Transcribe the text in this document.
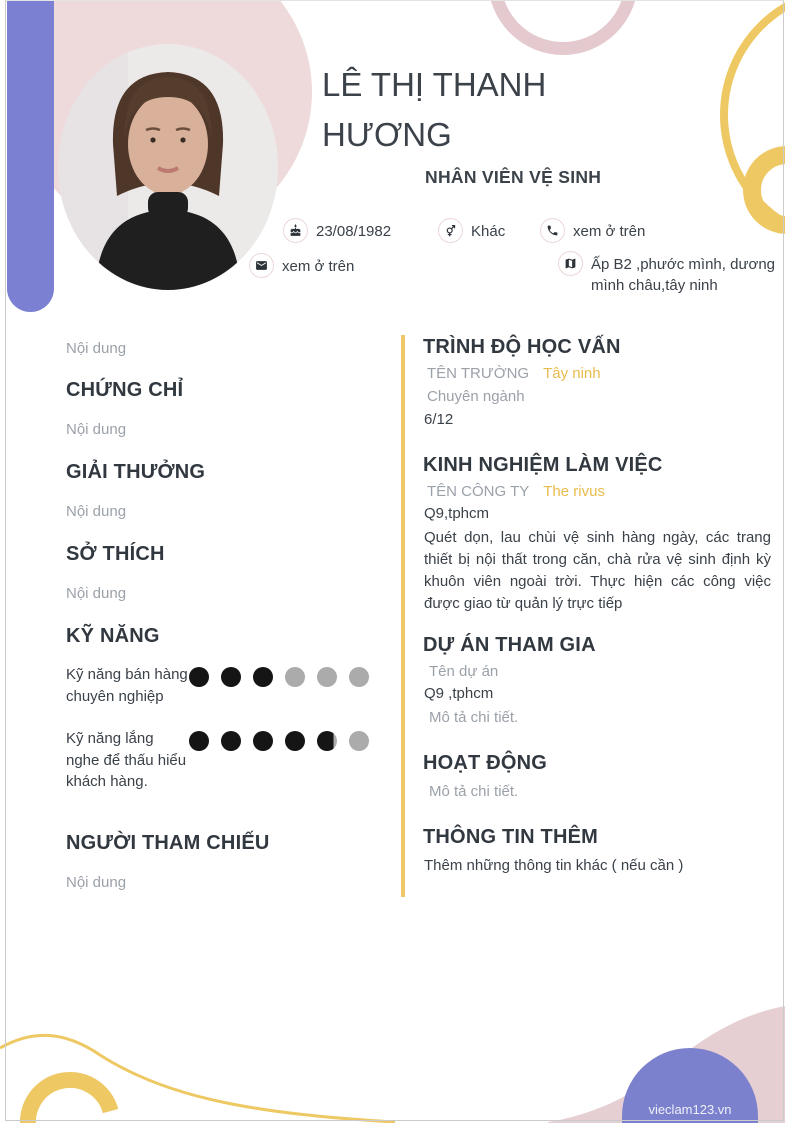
vieclam123.vn
LÊ THỊ THANH HƯƠNG
NHÂN VIÊN VỆ SINH
23/08/1982	Khác	xem ở trên
xem ở trên	Ấp B2 ,phước mình, dương mình châu,tây ninh
Nội dung
CHỨNG CHỈ
Nội dung
GIẢI THƯỞNG
Nội dung
SỞ THÍCH
Nội dung
KỸ NĂNG
Kỹ năng bán hàng chuyên nghiệp
Kỹ năng lắng nghe để thấu hiểu khách hàng.
NGƯỜI THAM CHIẾU
Nội dung
TRÌNH ĐỘ HỌC VẤN
TÊN TRƯỜNG Tây ninh
Chuyên ngành
6/12
KINH NGHIỆM LÀM VIỆC
TÊN CÔNG TY The rivus
Q9,tphcm
Quét dọn, lau chùi vệ sinh hàng ngày, các trang thiết bị nội thất trong căn, chà rửa vệ sinh định kỳ khuôn viên ngoài trời. Thực hiện các công việc được giao từ quản lý trực tiếp
DỰ ÁN THAM GIA
Tên dự án
Q9 ,tphcm
Mô tả chi tiết.
HOẠT ĐỘNG
Mô tả chi tiết.
THÔNG TIN THÊM
Thêm những thông tin khác ( nếu cần )
